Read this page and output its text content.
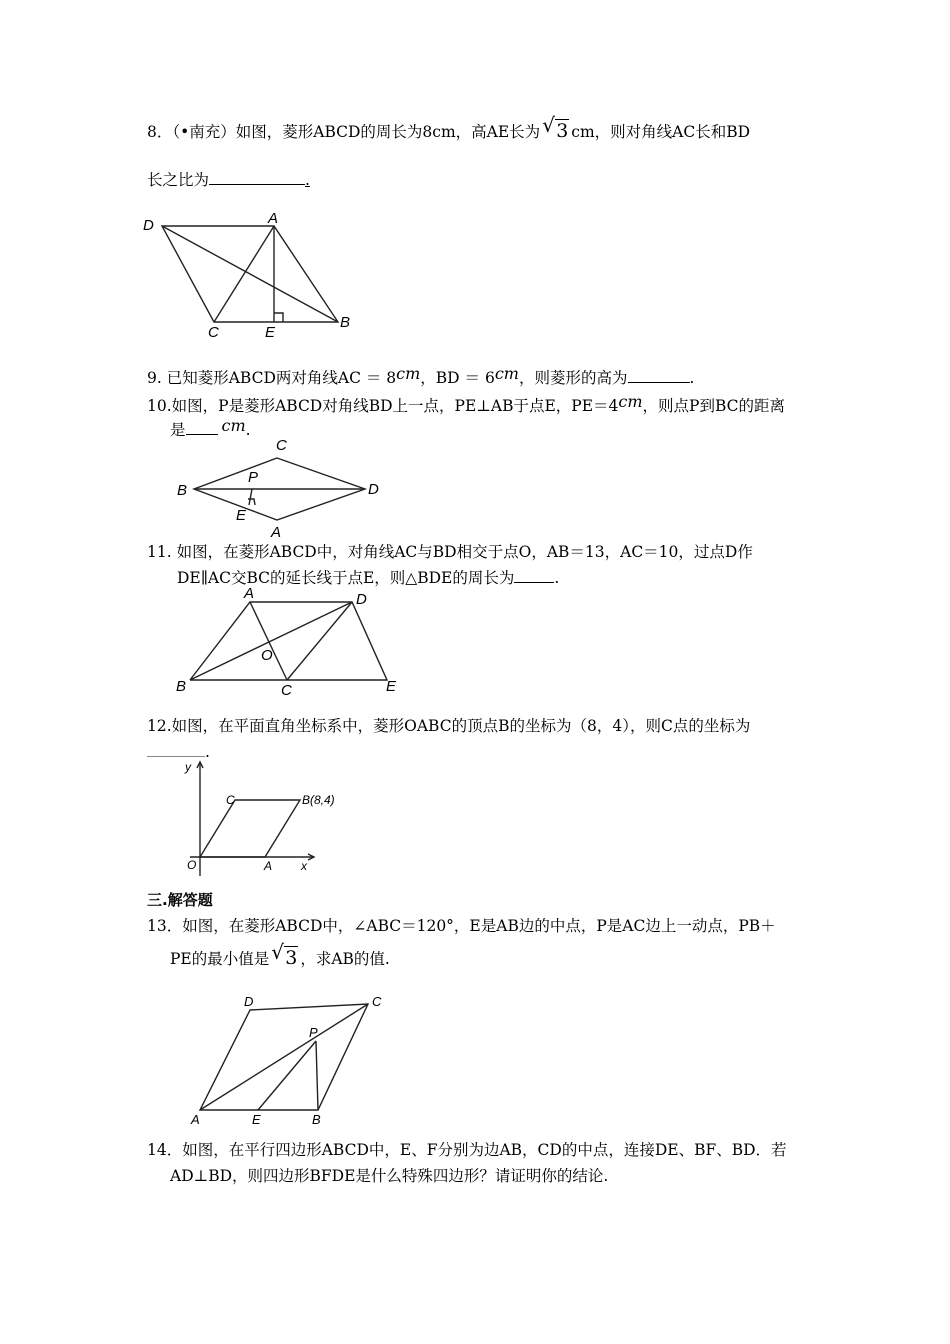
8．（•南充）如图，菱形ABCD的周长为8cm，高AE长为 √ 3 cm，则对角线AC长和BD
长之比为	.
D	A
C	E
B
9. 已知菱形ABCD两对角线AC ＝ 8cm，BD ＝ 6cm，则菱形的高为	.
10.如图，P是菱形ABCD对角线BD上一点，PE⊥AB于点E，PE＝4cm，则点P到BC的距离
是 cm.
C
B
P
D
E
A
11. 如图，在菱形ABCD中，对角线AC与BD相交于点O，AB＝13，AC＝10，过点D作
DE∥AC交BC的延长线于点E，则△BDE的周长为	.
A	D
O
B	C	E
12.如图，在平面直角坐标系中，菱形OABC的顶点B的坐标为（8，4），则C点的坐标为
.
y
C	B(8,4)
O	A x
三.解答题
13．如图，在菱形ABCD中，∠ABC＝120°，E是AB边的中点，P是AC边上一动点，PB＋
PE的最小值是 √ 3 ，求AB的值.
D	C
P
A	E	B
14．如图，在平行四边形ABCD中，E、F分别为边AB，CD的中点，连接DE、BF、BD．若
AD⊥BD，则四边形BFDE是什么特殊四边形？请证明你的结论.
